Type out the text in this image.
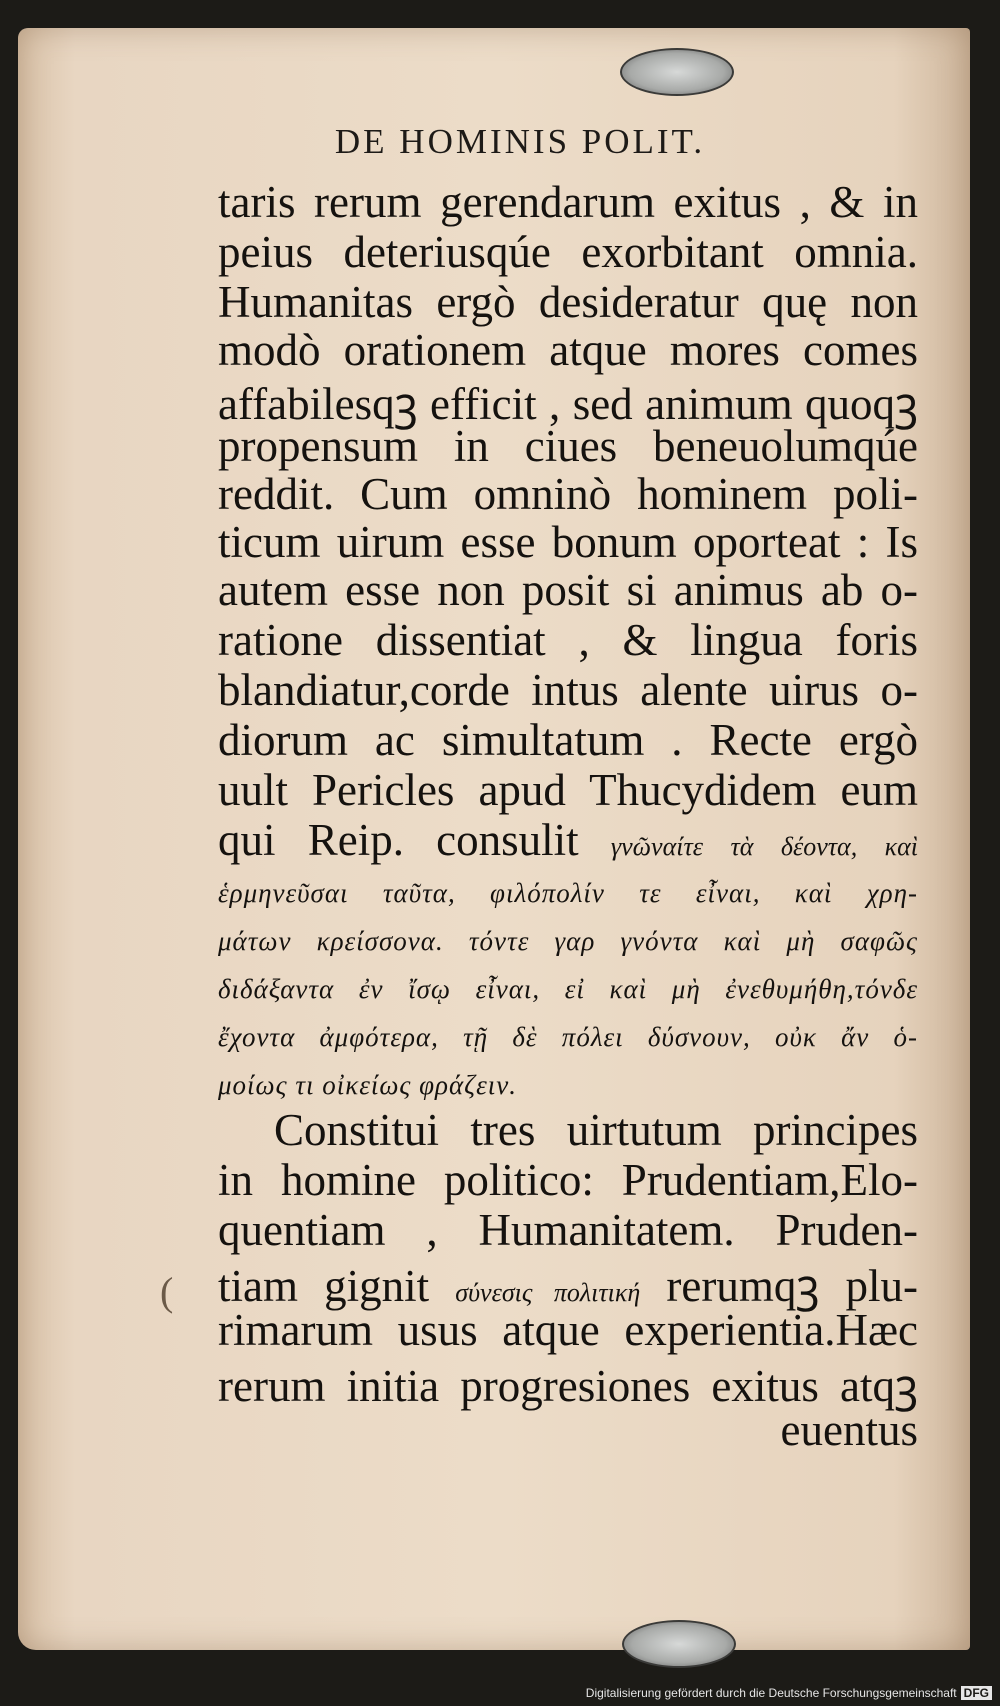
DE HOMINIS POLIT.
taris rerum gerendarum exitus , & in
peius deteriusqúe exorbitant omnia.
Humanitas ergò desideratur quę non
modò orationem atque mores comes
affabilesqꝫ efficit , sed animum quoqꝫ
propensum in ciues beneuolumqúe
reddit. Cum omninò hominem poli-
ticum uirum esse bonum oporteat : Is
autem esse non posit si animus ab o-
ratione dissentiat , & lingua foris
blandiatur,corde intus alente uirus o-
diorum ac simultatum . Recte ergò
uult Pericles apud Thucydidem eum
qui Reip. consulit γνῶναίτε τὰ δέοντα, καὶ
ἑρμηνεῦσαι ταῦτα, φιλόπολίν τε εἶναι, καὶ χρη-
μάτων κρείσσονα. τόντε γαρ γνόντα καὶ μὴ σαφῶς
διδάξαντα ἐν ἴσῳ εἶναι, εἰ καὶ μὴ ἐνεθυμήθη,τόνδε
ἔχοντα ἀμφότερα, τῇ δὲ πόλει δύσνουν, οὐκ ἄν ὁ-
μοίως τι οἰκείως φράζειν.
Constitui tres uirtutum principes
in homine politico: Prudentiam,Elo-
quentiam , Humanitatem. Pruden-
tiam gignit σύνεσις πολιτική rerumqꝫ plu-
rimarum usus atque experientia.Hæc
rerum initia progresiones exitus atqꝫ
euentus
(
Digitalisierung gefördert durch die Deutsche Forschungsgemeinschaft DFG
